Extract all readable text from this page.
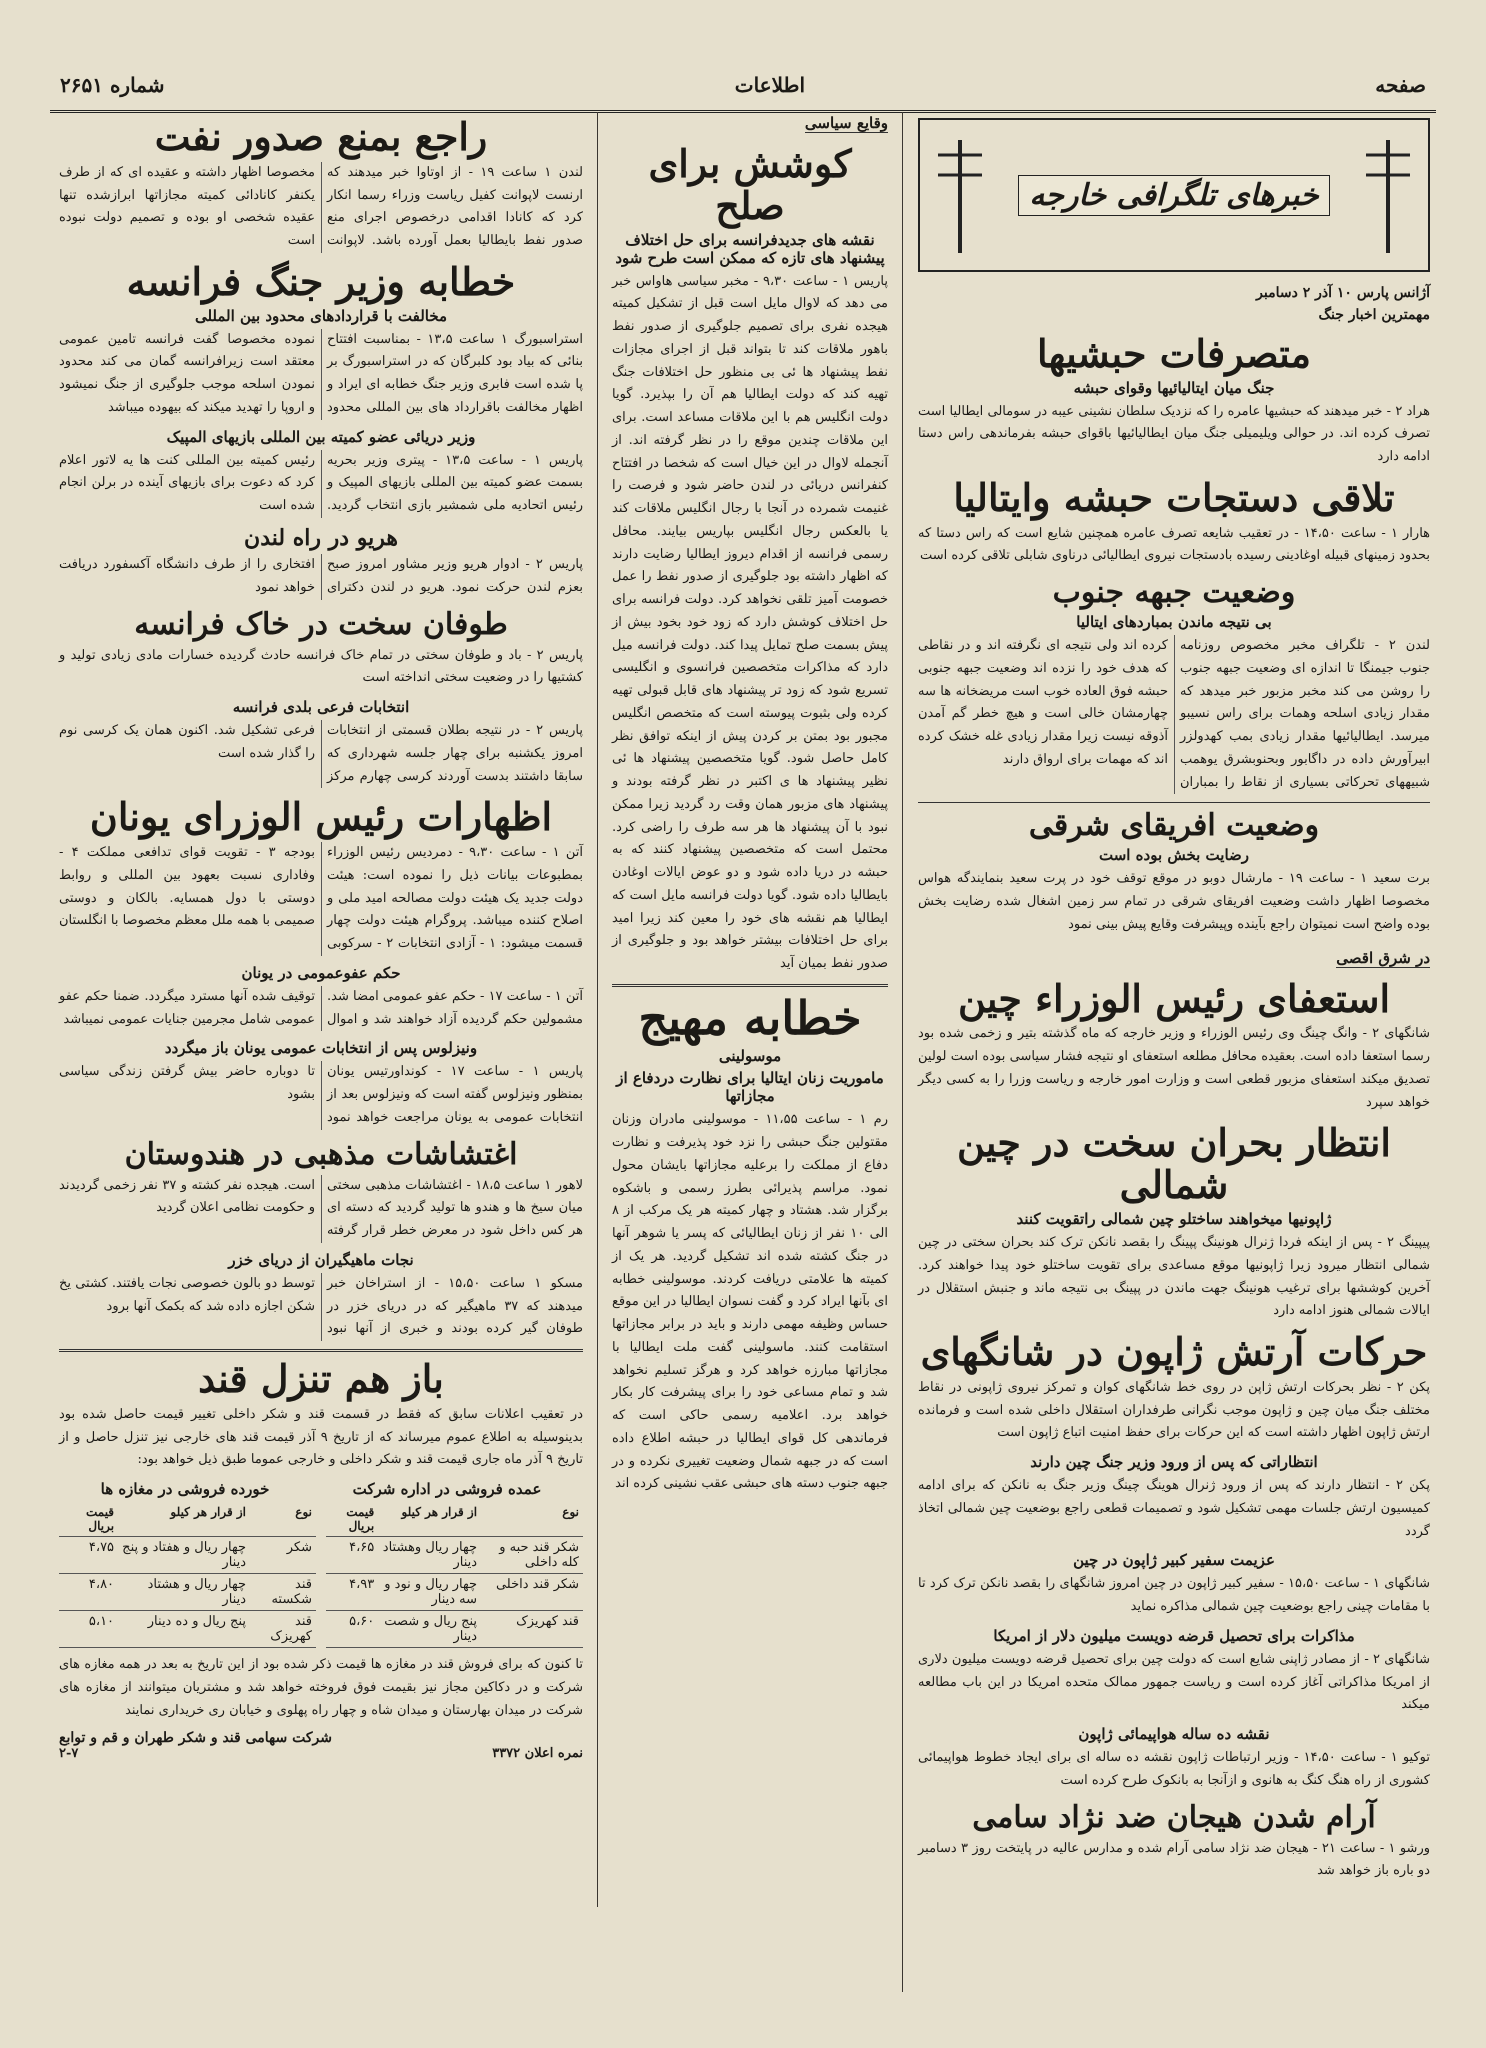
صفحه
اطلاعات
شماره ۲۶۵۱
خبرهای تلگرافی خارجه
آژانس پارس ۱۰ آذر ۲ دسامبر
مهمترین اخبار جنگ
متصرفات حبشیها
جنگ میان ایتالیائیها وقوای حبشه

هراد ۲ - خبر میدهند که حبشیها عامره را که نزدیک سلطان نشینی عیبه در سومالی ایطالیا است تصرف کرده اند. در حوالی ویلیمیلی جنگ میان ایطالیائیها باقوای حبشه بفرماندهی راس دستا ادامه دارد

تلاقی دستجات حبشه وایتالیا

هارار ۱ - ساعت ۱۴،۵۰ - در تعقیب شایعه تصرف عامره همچنین شایع است که راس دستا که بحدود زمینهای قبیله اوغادینی رسیده بادستجات نیروی ایطالیائی درناوی شابلی تلاقی کرده است

وضعیت جبهه جنوب
بی نتیجه ماندن بمباردهای ایتالیا

لندن ۲ - تلگراف مخبر مخصوص روزنامه جنوب جیمنگا تا اندازه ای وضعیت جبهه جنوب را روشن می کند مخبر مزبور خبر میدهد که مقدار زیادی اسلحه وهمات برای راس نسیبو میرسد. ایطالیائیها مقدار زیادی بمب کهدولزر ابیرآورش داده در داگابور وبحنوبشرق یوهمب شبیههای تحرکاتی بسیاری از نقاط را بمباران کرده اند ولی نتیجه ای نگرفته اند و در نقاطی که هدف خود را نزده اند وضعیت جبهه جنوبی حبشه فوق العاده خوب است مریضخانه ها سه چهارمشان خالی است و هیچ خطر گم آمدن آذوقه نیست زیرا مقدار زیادی غله خشک کرده اند که مهمات برای ارواق دارند

وضعیت افریقای شرقی
رضایت بخش بوده است

برت سعید ۱ - ساعت ۱۹ - مارشال دوبو در موقع توقف خود در پرت سعید بنمایندگه هواس مخصوصا اظهار داشت وضعیت افریقای شرقی در تمام سر زمین اشغال شده رضایت بخش بوده واضح است نمیتوان راجع بآینده وپیشرفت وقایع پیش بینی نمود

در شرق اقصی
استعفای رئیس الوزراء چین

شانگهای ۲ - وانگ چینگ وی رئیس الوزراء و وزیر خارجه که ماه گذشته بتیر و زخمی شده بود رسما استعفا داده است. بعقیده محافل مطلعه استعفای او نتیجه فشار سیاسی بوده است لولین تصدیق میکند استعفای مزبور قطعی است و وزارت امور خارجه و ریاست وزرا را به کسی دیگر خواهد سپرد

انتظار بحران سخت در چین شمالی
ژاپونیها میخواهند ساختلو چین شمالی راتقویت کنند

پیپینگ ۲ - پس از اینکه فردا ژنرال هونینگ پپینگ را بقصد نانکن ترک کند بحران سختی در چین شمالی انتظار میرود زیرا ژاپونیها موقع مساعدی برای تقویت ساختلو خود پیدا خواهند کرد. آخرین کوششها برای ترغیب هونینگ جهت ماندن در پپینگ بی نتیجه ماند و جنبش استقلال در ایالات شمالی هنوز ادامه دارد

حرکات آرتش ژاپون در شانگهای

پکن ۲ - نظر بحرکات ارتش ژاپن در روی خط شانگهای کوان و تمرکز نیروی ژاپونی در نقاط مختلف جنگ میان چین و ژاپون موجب نگرانی طرفداران استقلال داخلی شده است و فرمانده ارتش ژاپون اظهار داشته است که این حرکات برای حفظ امنیت اتباع ژاپون است

انتظاراتی که پس از ورود وزیر جنگ چین دارند

پکن ۲ - انتظار دارند که پس از ورود ژنرال هوینگ چینگ وزیر جنگ به نانکن که برای ادامه کمیسیون ارتش جلسات مهمی تشکیل شود و تصمیمات قطعی راجع بوضعیت چین شمالی اتخاذ گردد

عزیمت سفیر کبیر ژاپون در چین

شانگهای ۱ - ساعت ۱۵،۵۰ - سفیر کبیر ژاپون در چین امروز شانگهای را بقصد نانکن ترک کرد تا با مقامات چینی راجع بوضعیت چین شمالی مذاکره نماید

مذاکرات برای تحصیل قرضه دویست میلیون دلار از امریکا

شانگهای ۲ - از مصادر ژاپنی شایع است که دولت چین برای تحصیل قرضه دویست میلیون دلاری از امریکا مذاکراتی آغاز کرده است و ریاست جمهور ممالک متحده امریکا در این باب مطالعه میکند

نقشه ده ساله هواپیمائی ژاپون

توکیو ۱ - ساعت ۱۴،۵۰ - وزیر ارتباطات ژاپون نقشه ده ساله ای برای ایجاد خطوط هواپیمائی کشوری از راه هنگ کنگ به هانوی و ازآنجا به بانکوک طرح کرده است

آرام شدن هیجان ضد نژاد سامی

ورشو ۱ - ساعت ۲۱ - هیجان ضد نژاد سامی آرام شده و مدارس عالیه در پایتخت روز ۳ دسامبر دو باره باز خواهد شد

وقایع سیاسی
کوشش برای صلح
نقشه های جدیدفرانسه برای حل اختلاف پیشنهاد های تازه که ممکن است طرح شود

پاریس ۱ - ساعت ۹،۳۰ - مخبر سیاسی هاواس خبر می دهد که لاوال مایل است قبل از تشکیل کمیته هیجده نفری برای تصمیم جلوگیری از صدور نفط باهور ملاقات کند تا بتواند قبل از اجرای مجازات نفط پیشنهاد ها ئی بی منظور حل اختلافات جنگ تهیه کند که دولت ایطالیا هم آن را بپذیرد. گویا دولت انگلیس هم با این ملاقات مساعد است. برای این ملاقات چندین موقع را در نظر گرفته اند. از آنجمله لاوال در این خیال است که شخصا در افتتاح کنفرانس دریائی در لندن حاضر شود و فرصت را غنیمت شمرده در آنجا با رجال انگلیس ملاقات کند یا بالعکس رجال انگلیس بپاریس بیایند. محافل رسمی فرانسه از اقدام دیروز ایطالیا رضایت دارند که اظهار داشته بود جلوگیری از صدور نفط را عمل خصومت آمیز تلقی نخواهد کرد. دولت فرانسه برای حل اختلاف کوشش دارد که زود خود بخود بیش از پیش بسمت صلح تمایل پیدا کند. دولت فرانسه میل دارد که مذاکرات متخصصین فرانسوی و انگلیسی تسریع شود که زود تر پیشنهاد های قابل قبولی تهیه کرده ولی بثبوت پیوسته است که متخصص انگلیس مجبور بود بمتن بر کردن پیش از اینکه توافق نظر کامل حاصل شود. گویا متخصصین پیشنهاد ها ئی نظیر پیشنهاد ها ی اکتبر در نظر گرفته بودند و پیشنهاد های مزبور همان وقت رد گردید زیرا ممکن نبود با آن پیشنهاد ها هر سه طرف را راضی کرد. محتمل است که متخصصین پیشنهاد کنند که به حبشه در دریا داده شود و دو عوض ایالات اوغادن بایطالیا داده شود. گویا دولت فرانسه مایل است که ایطالیا هم نقشه های خود را معین کند زیرا امید برای حل اختلافات بیشتر خواهد بود و جلوگیری از صدور نفط بمیان آید

خطابه مهیج
موسولینی
ماموریت زنان ایتالیا برای نظارت دردفاع از مجازاتها

رم ۱ - ساعت ۱۱،۵۵ - موسولینی مادران وزنان مقتولین جنگ حبشی را نزد خود پذیرفت و نظارت دفاع از مملکت را برعلیه مجازاتها بایشان محول نمود. مراسم پذیرائی بطرز رسمی و باشکوه برگزار شد. هشتاد و چهار کمیته هر یک مرکب از ۸ الی ۱۰ نفر از زنان ایطالیائی که پسر یا شوهر آنها در جنگ کشته شده اند تشکیل گردید. هر یک از کمیته ها علامتی دریافت کردند. موسولینی خطابه ای بآنها ایراد کرد و گفت نسوان ایطالیا در این موقع حساس وظیفه مهمی دارند و باید در برابر مجازاتها استقامت کنند. ماسولینی گفت ملت ایطالیا با مجازاتها مبارزه خواهد کرد و هرگز تسلیم نخواهد شد و تمام مساعی خود را برای پیشرفت کار بکار خواهد برد. اعلامیه رسمی حاکی است که فرماندهی کل قوای ایطالیا در حبشه اطلاع داده است که در جبهه شمال وضعیت تغییری نکرده و در جبهه جنوب دسته های حبشی عقب نشینی کرده اند

راجع بمنع صدور نفت

لندن ۱ ساعت ۱۹ - از اوتاوا خبر میدهند که ارنست لاپوانت کفیل ریاست وزراء رسما انکار کرد که کانادا اقدامی درخصوص اجرای منع صدور نفط بایطالیا بعمل آورده باشد. لاپوانت مخصوصا اظهار داشته و عقیده ای که از طرف یکنفر کانادائی کمیته مجازاتها ابرازشده تنها عقیده شخصی او بوده و تصمیم دولت نبوده است

خطابه وزیر جنگ فرانسه
مخالفت با قراردادهای محدود بین المللی

استراسبورگ ۱ ساعت ۱۳،۵ - بمناسبت افتتاح بنائی که بیاد بود کلبرگان که در استراسبورگ بر پا شده است فابری وزیر جنگ خطابه ای ایراد و اظهار مخالفت باقرارداد های بین المللی محدود نموده مخصوصا گفت فرانسه تامین عمومی معتقد است زیرافرانسه گمان می کند محدود نمودن اسلحه موجب جلوگیری از جنگ نمیشود و اروپا را تهدید میکند که بیهوده میباشد

وزیر دریائی عضو کمیته بین المللی بازیهای المپیک

پاریس ۱ - ساعت ۱۳،۵ - پیتری وزیر بحریه بسمت عضو کمیته بین المللی بازیهای المپیک و رئیس اتحادیه ملی شمشیر بازی انتخاب گردید. رئیس کمیته بین المللی کنت ها یه لاتور اعلام کرد که دعوت برای بازیهای آینده در برلن انجام شده است

هریو در راه لندن

پاریس ۲ - ادوار هریو وزیر مشاور امروز صبح بعزم لندن حرکت نمود. هریو در لندن دکترای افتخاری را از طرف دانشگاه آکسفورد دریافت خواهد نمود

طوفان سخت در خاک فرانسه

پاریس ۲ - باد و طوفان سختی در تمام خاک فرانسه حادث گردیده خسارات مادی زیادی تولید و کشتیها را در وضعیت سختی انداخته است

انتخابات فرعی بلدی فرانسه

پاریس ۲ - در نتیجه بطلان قسمتی از انتخابات امروز یکشنبه برای چهار جلسه شهرداری که سابقا داشتند بدست آوردند کرسی چهارم مرکز فرعی تشکیل شد. اکنون همان یک کرسی نوم را گذار شده است

اظهارات رئیس الوزرای یونان

آتن ۱ - ساعت ۹،۳۰ - دمردیس رئیس الوزراء بمطبوعات بیانات ذیل را نموده است: هیئت دولت جدید یک هیئت دولت مصالحه امید ملی و اصلاح کننده میباشد. پروگرام هیئت دولت چهار قسمت میشود: ۱ - آزادی انتخابات ۲ - سرکوبی بودجه ۳ - تقویت قوای تدافعی مملکت ۴ - وفاداری نسبت بعهود بین المللی و روابط دوستی با دول همسایه. بالکان و دوستی صمیمی با همه ملل معظم مخصوصا با انگلستان

حکم عفوعمومی در یونان

آتن ۱ - ساعت ۱۷ - حکم عفو عمومی امضا شد. مشمولین حکم گردیده آزاد خواهند شد و اموال توقیف شده آنها مسترد میگردد. ضمنا حکم عفو عمومی شامل مجرمین جنایات عمومی نمیباشد

ونیزلوس پس از انتخابات عمومی یونان باز میگردد

پاریس ۱ - ساعت ۱۷ - کونداورتیس یونان بمنظور ونیزلوس گفته است که ونیزلوس بعد از انتخابات عمومی به یونان مراجعت خواهد نمود تا دوباره حاضر بیش گرفتن زندگی سیاسی بشود

اغتشاشات مذهبی در هندوستان

لاهور ۱ ساعت ۱۸،۵ - اغتشاشات مذهبی سختی میان سیخ ها و هندو ها تولید گردید که دسته ای هر کس داخل شود در معرض خطر قرار گرفته است. هیجده نفر کشته و ۳۷ نفر زخمی گردیدند و حکومت نظامی اعلان گردید

نجات ماهیگیران از دریای خزر

مسکو ۱ ساعت ۱۵،۵۰ - از استراخان خبر میدهند که ۳۷ ماهیگیر که در دریای خزر در طوفان گیر کرده بودند و خبری از آنها نبود توسط دو بالون خصوصی نجات یافتند. کشتی یخ شکن اجازه داده شد که بکمک آنها برود

باز هم تنزل قند

در تعقیب اعلانات سابق که فقط در قسمت قند و شکر داخلی تغییر قیمت حاصل شده بود بدینوسیله به اطلاع عموم میرساند که از تاریخ ۹ آذر قیمت قند های خارجی نیز تنزل حاصل و از تاریخ ۹ آذر ماه جاری قیمت قند و شکر داخلی و خارجی عموما طبق ذیل خواهد بود:

عمده فروشی در اداره شرکت
خورده فروشی در مغازه ها
نوع	از قرار هر کیلو	قیمت بریال
شکر قند حبه و کله داخلی	چهار ریال وهشتاد دینار	۴،۶۵
شکر قند داخلی	چهار ریال و نود و سه دینار	۴،۹۳
قند کهریزک	پنج ریال و شصت دینار	۵،۶۰
نوع	از قرار هر کیلو	قیمت بریال
شکر	چهار ریال و هفتاد و پنج دینار	۴،۷۵
قند شکسته	چهار ریال و هشتاد دینار	۴،۸۰
قند کهریزک	پنج ریال و ده دینار	۵،۱۰

تا کنون که برای فروش قند در مغازه ها قیمت ذکر شده بود از این تاریخ به بعد در همه مغازه های شرکت و در دکاکین مجاز نیز بقیمت فوق فروخته خواهد شد و مشتریان میتوانند از مغازه های شرکت در میدان بهارستان و میدان شاه و چهار راه پهلوی و خیابان ری خریداری نمایند

شرکت سهامی قند و شکر طهران و قم و توابع
نمره اعلان ۳۳۷۲
۲-۷
